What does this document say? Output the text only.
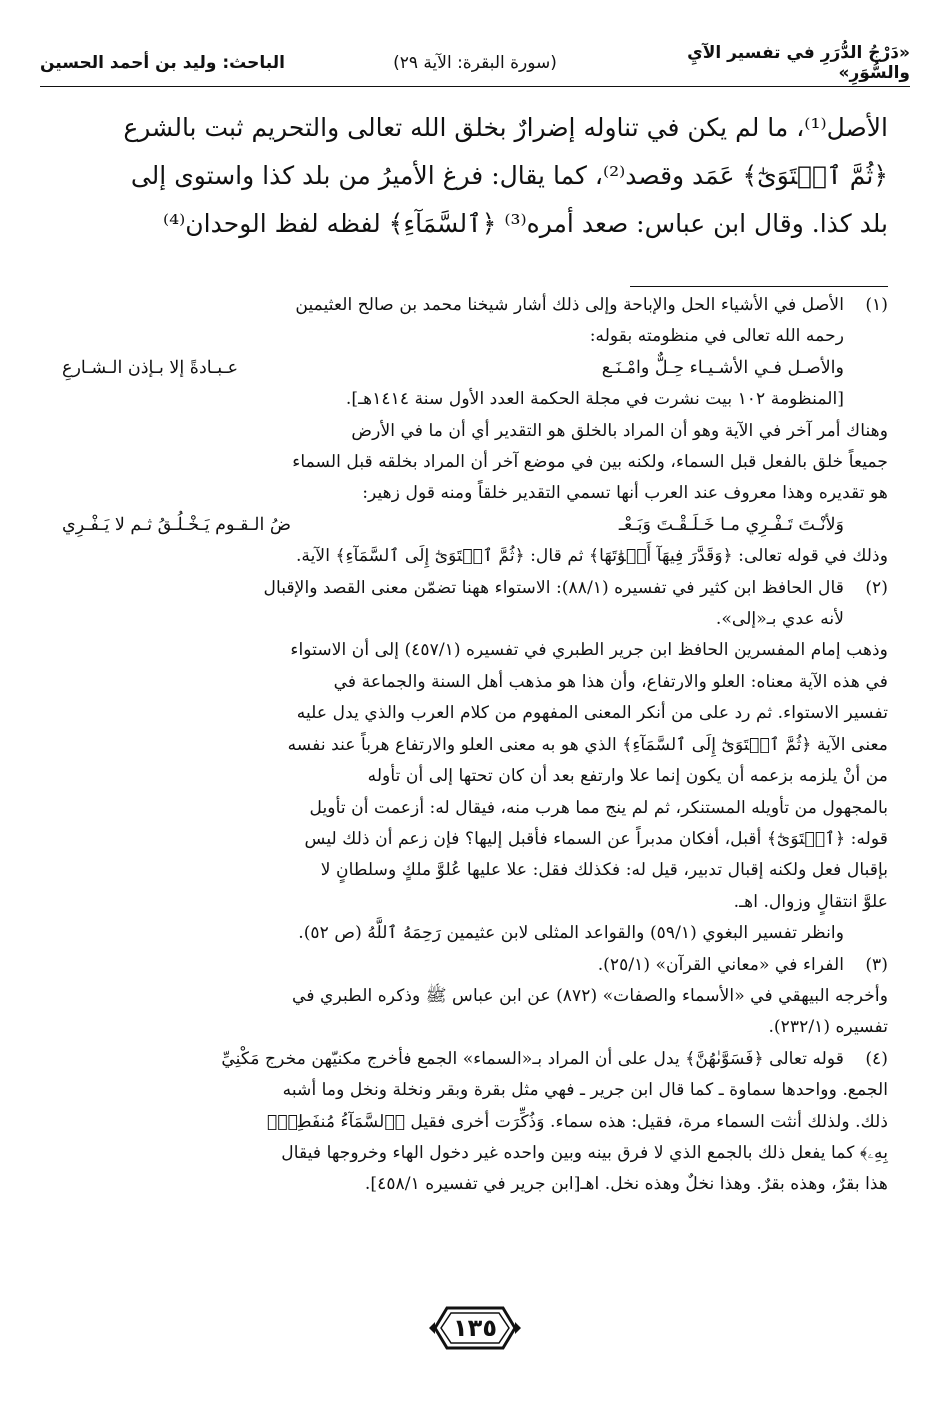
«دَرْجُ الدُّرَرِ في تفسير الآيِ والسُّوَرِ»
(سورة البقرة: الآية ٢٩)
الباحث: وليد بن أحمد الحسين

الأصل⁽¹⁾، ما لم يكن في تناوله إضرارٌ بخلق الله تعالى والتحريم ثبت بالشرع

﴿ثُمَّ ٱسۡتَوَىٰٓ﴾ عَمَد وقصد⁽²⁾، كما يقال: فرغ الأميرُ من بلد كذا واستوى إلى

بلد كذا. وقال ابن عباس: صعد أمره⁽³⁾ ﴿ٱلسَّمَآءِ﴾ لفظه لفظ الوحدان⁽⁴⁾

(١)
الأصل في الأشياء الحل والإباحة وإلى ذلك أشار شيخنا محمد بن صالح العثيمين
رحمه الله تعالى في منظومته بقوله:
والأصـل فـي الأشـيـاء حِـلٌّ وامْـنَـع
عـبـادةً إلا بـإذن الـشـارعِ
[المنظومة ١٠٢ بيت نشرت في مجلة الحكمة العدد الأول سنة ١٤١٤هـ].
وهناك أمر آخر في الآية وهو أن المراد بالخلق هو التقدير أي أن ما في الأرض
جميعاً خلق بالفعل قبل السماء، ولكنه بين في موضع آخر أن المراد بخلقه قبل السماء
هو تقديره وهذا معروف عند العرب أنها تسمي التقدير خلقاً ومنه قول زهير:
وَلأنْـتَ تَـفْـرِي مـا خَـلَـقْـتَ وَبَـعْـ
ضُ الـقـوم يَـخْـلُـقُ ثـم لا يَـفْـرِي
وذلك في قوله تعالى: ﴿وَقَدَّرَ فِيهَآ أَقۡوَٰتَهَا﴾ ثم قال: ﴿ثُمَّ ٱسۡتَوَىٰٓ إِلَى ٱلسَّمَآءِ﴾ الآية.
(٢)
قال الحافظ ابن كثير في تفسيره (٨٨/١): الاستواء ههنا تضمّن معنى القصد والإقبال
لأنه عدي بـ«إلى».
وذهب إمام المفسرين الحافظ ابن جرير الطبري في تفسيره (٤٥٧/١) إلى أن الاستواء
في هذه الآية معناه: العلو والارتفاع، وأن هذا هو مذهب أهل السنة والجماعة في
تفسير الاستواء. ثم رد على من أنكر المعنى المفهوم من كلام العرب والذي يدل عليه
معنى الآية ﴿ثُمَّ ٱسۡتَوَىٰٓ إِلَى ٱلسَّمَآءِ﴾ الذي هو به معنى العلو والارتفاع هرباً عند نفسه
من أنْ يلزمه بزعمه أن يكون إنما علا وارتفع بعد أن كان تحتها إلى أن تأوله
بالمجهول من تأويله المستنكر، ثم لم ينج مما هرب منه، فيقال له: أزعمت أن تأويل
قوله: ﴿ٱسۡتَوَىٰٓ﴾ أقبل، أفكان مدبراً عن السماء فأقبل إليها؟ فإن زعم أن ذلك ليس
بإقبال فعل ولكنه إقبال تدبير، قيل له: فكذلك فقل: علا عليها عُلوَّ ملكٍ وسلطانٍ لا
علوَّ انتقالٍ وزوال. اهـ.
وانظر تفسير البغوي (٥٩/١) والقواعد المثلى لابن عثيمين رَحِمَهُ ٱللَّهُ (ص ٥٢).
(٣)
الفراء في «معاني القرآن» (٢٥/١).
وأخرجه البيهقي في «الأسماء والصفات» (٨٧٢) عن ابن عباس ﷺ وذكره الطبري في
تفسيره (٢٣٢/١).
(٤)
قوله تعالى ﴿فَسَوَّىٰهُنَّ﴾ يدل على أن المراد بـ«السماء» الجمع فأخرج مكنيّهن مخرج مَكْنِيِّ
الجمع. وواحدها سماوة ـ كما قال ابن جرير ـ فهي مثل بقرة وبقر ونخلة ونخل وما أشبه
ذلك. ولذلك أنثت السماء مرة، فقيل: هذه سماء. وَذُكِّرَت أخرى فقيل ﴿ٱلسَّمَآءُ مُنفَطِرُۢ
بِهِۦ﴾ كما يفعل ذلك بالجمع الذي لا فرق بينه وبين واحده غير دخول الهاء وخروجها فيقال
هذا بقرٌ، وهذه بقرٌ. وهذا نخلٌ وهذه نخل. اهـ[ابن جرير في تفسيره ٤٥٨/١].
١٣٥
